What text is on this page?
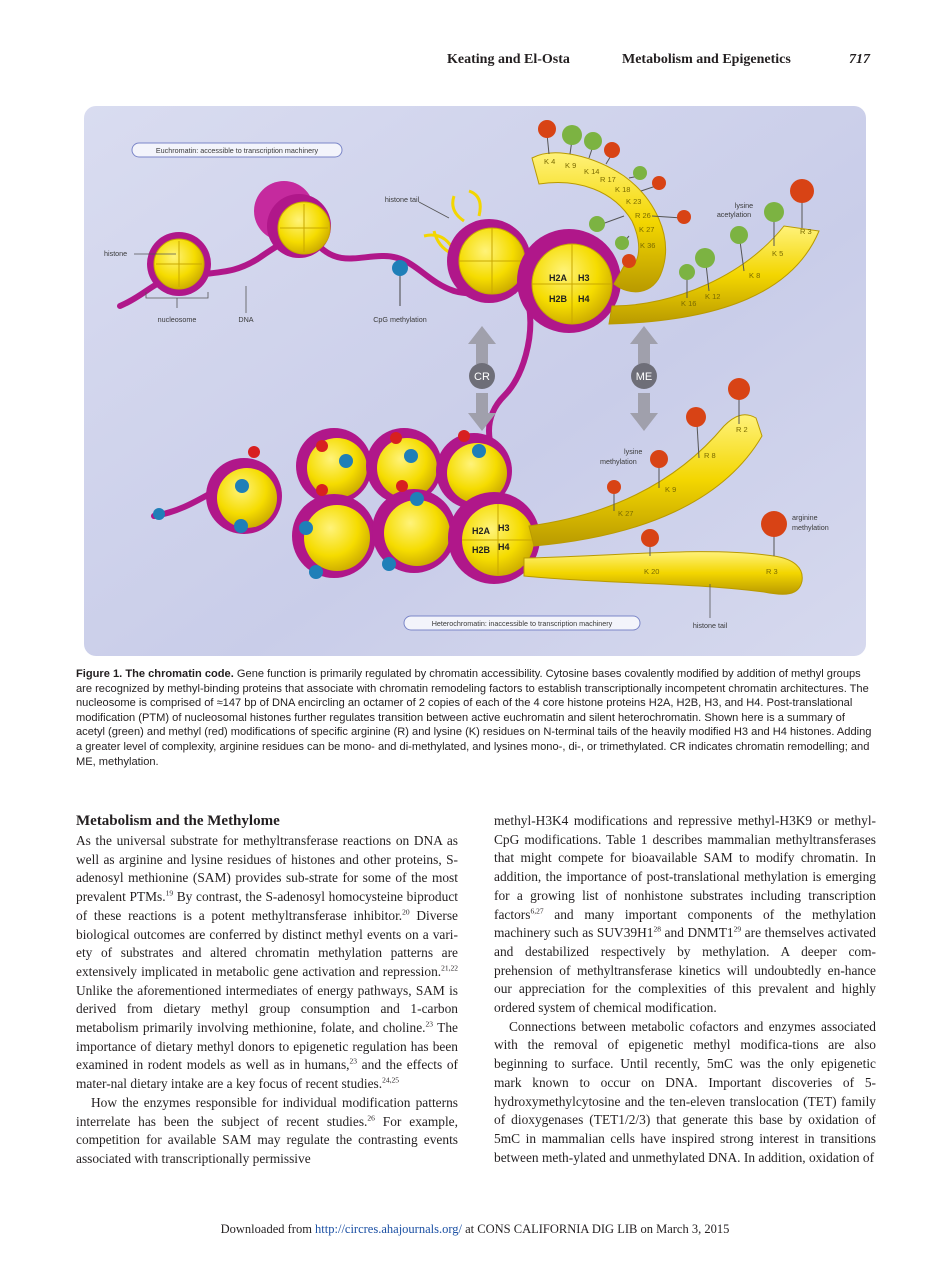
Keating and El-Osta	Metabolism and Epigenetics	717
Euchromatin: accessible to transcription machinery
Heterochromatin: inaccessible to transcription machinery
H2A H3
H2B H4
K 4 K 9
K 14
R 17
K 18
K 23
R 26
K 27
K 36
R 3
K 5
K 8
K 12
K 16
histone
histone tail
nucleosome	DNA	CpG methylation
lysine acetylation
CR	ME
H2A H3
H2B H4
R 2
R 8
K 9
K 27
R 3
K 20
lysine methylation
arginine methylation
histone tail
Figure 1. The chromatin code. Gene function is primarily regulated by chromatin accessibility. Cytosine bases covalently modified by addition of methyl groups are recognized by methyl-binding proteins that associate with chromatin remodeling factors to establish transcriptionally incompetent chromatin architectures. The nucleosome is comprised of ≈147 bp of DNA encircling an octamer of 2 copies of each of the 4 core histone proteins H2A, H2B, H3, and H4. Post-translational modification (PTM) of nucleosomal histones further regulates transition between active euchromatin and silent heterochromatin. Shown here is a summary of acetyl (green) and methyl (red) modifications of specific arginine (R) and lysine (K) residues on N-terminal tails of the heavily modified H3 and H4 histones. Adding a greater level of complexity, arginine residues can be mono- and di-methylated, and lysines mono-, di-, or trimethylated. CR indicates chromatin remodelling; and ME, methylation.
Metabolism and the Methylome

As the universal substrate for methyltransferase reactions on DNA as well as arginine and lysine residues of histones and other proteins, S-adenosyl methionine (SAM) provides sub-strate for some of the most prevalent PTMs.$^{19}$ By contrast, the S-adenosyl homocysteine biproduct of these reactions is a potent methyltransferase inhibitor.$^{20}$ Diverse biological outcomes are conferred by distinct methyl events on a vari-ety of substrates and altered chromatin methylation patterns are extensively implicated in metabolic gene activation and repression.$^{21,22}$ Unlike the aforementioned intermediates of energy pathways, SAM is derived from dietary methyl group consumption and 1-carbon metabolism primarily involving methionine, folate, and choline.$^{23}$ The importance of dietary methyl donors to epigenetic regulation has been examined in rodent models as well as in humans,$^{23}$ and the effects of mater-nal dietary intake are a key focus of recent studies.$^{24,25}$

How the enzymes responsible for individual modification patterns interrelate has been the subject of recent studies.$^{26}$ For example, competition for available SAM may regulate the contrasting events associated with transcriptionally permissive

methyl-H3K4 modifications and repressive methyl-H3K9 or methyl-CpG modifications. Table 1 describes mammalian methyltransferases that might compete for bioavailable SAM to modify chromatin. In addition, the importance of post-translational methylation is emerging for a growing list of nonhistone substrates including transcription factors$^{6,27}$ and many important components of the methylation machinery such as SUV39H1$^{28}$ and DNMT1$^{29}$ are themselves activated and destabilized respectively by methylation. A deeper com-prehension of methyltransferase kinetics will undoubtedly en-hance our appreciation for the complexities of this prevalent and highly ordered system of chemical modification.

Connections between metabolic cofactors and enzymes associated with the removal of epigenetic methyl modifica-tions are also beginning to surface. Until recently, 5mC was the only epigenetic mark known to occur on DNA. Important discoveries of 5-hydroxymethylcytosine and the ten-eleven translocation (TET) family of dioxygenases (TET1/2/3) that generate this base by oxidation of 5mC in mammalian cells have inspired strong interest in transitions between meth-ylated and unmethylated DNA. In addition, oxidation of

Downloaded from http://circres.ahajournals.org/ at CONS CALIFORNIA DIG LIB on March 3, 2015
